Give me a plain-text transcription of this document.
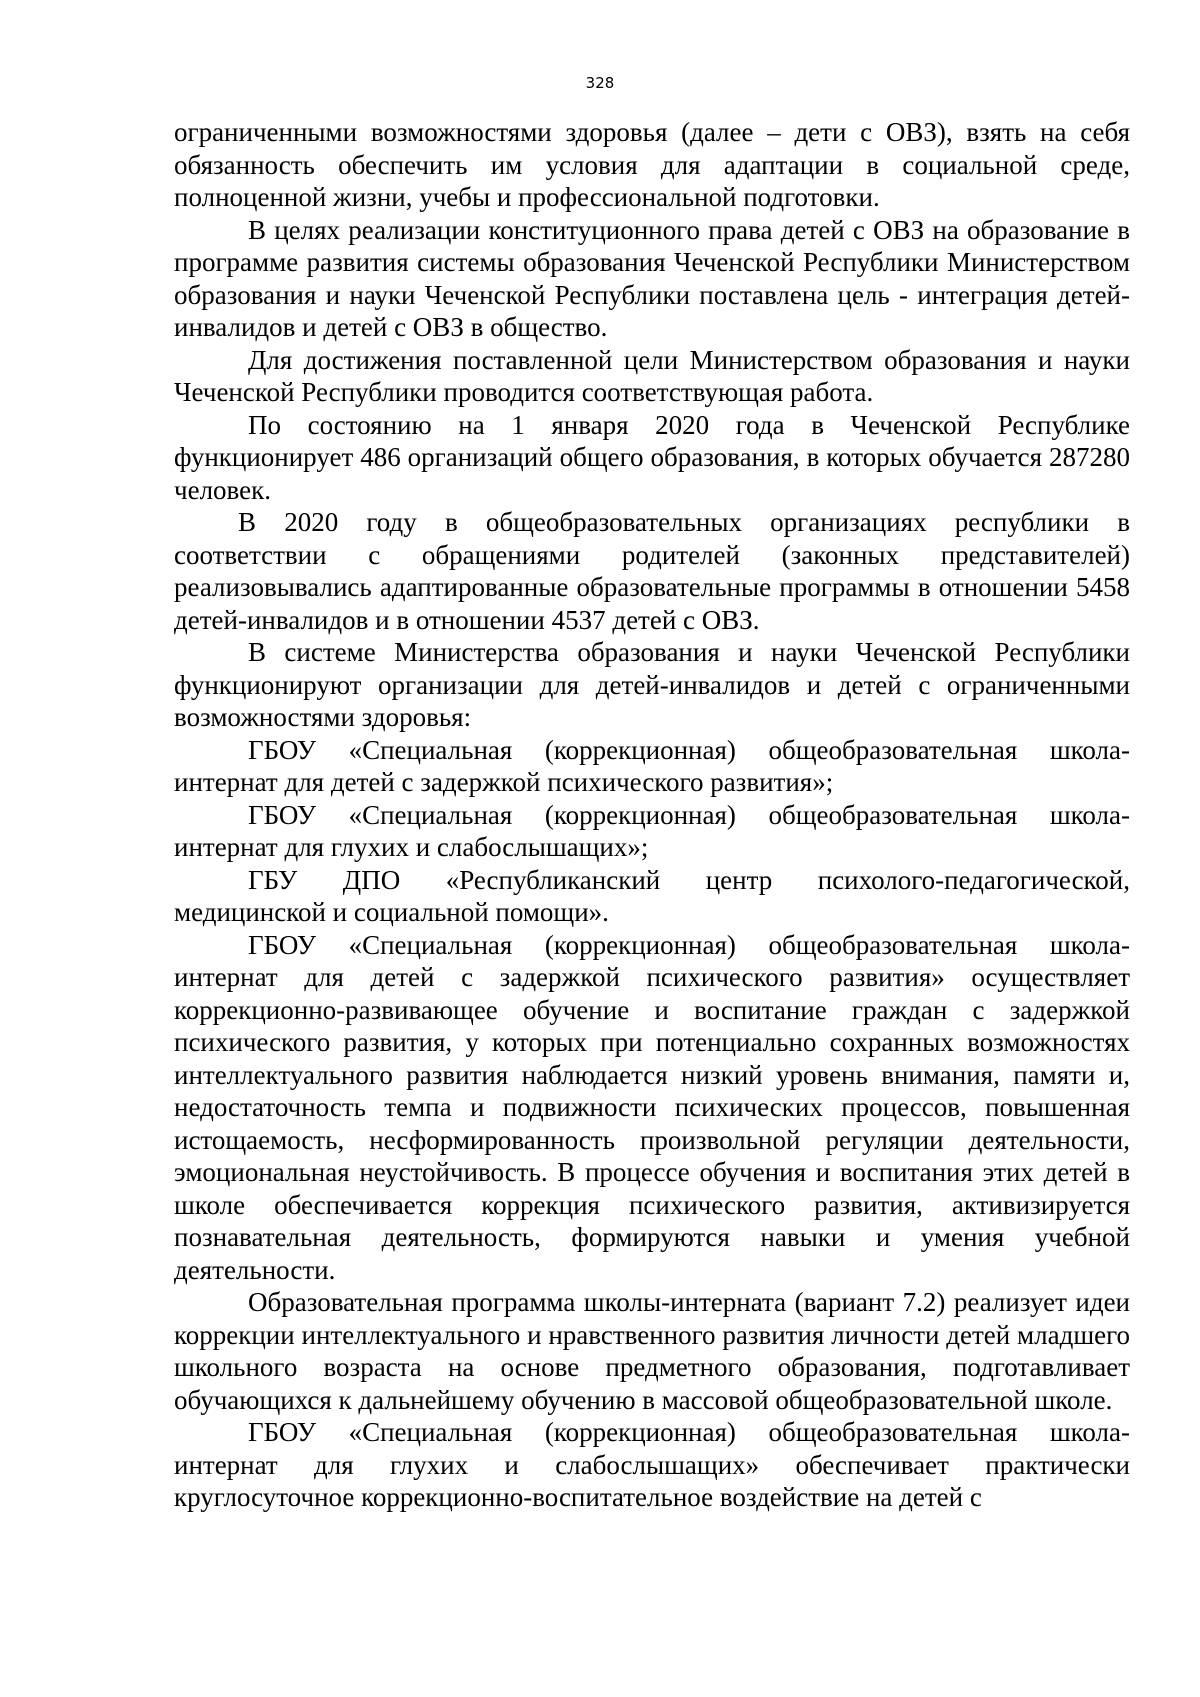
328

ограниченными возможностями здоровья (далее – дети с ОВЗ), взять на себя обязанность обеспечить им условия для адаптации в социальной среде, полноценной жизни, учебы и профессиональной подготовки.

В целях реализации конституционного права детей с ОВЗ на образование в программе развития системы образования Чеченской Республики Министерством образования и науки Чеченской Республики поставлена цель - интеграция детей-инвалидов и детей с ОВЗ в общество.

Для достижения поставленной цели Министерством образования и науки Чеченской Республики проводится соответствующая работа.

По состоянию на 1 января 2020 года в Чеченской Республике функционирует 486 организаций общего образования, в которых обучается 287280 человек.

В 2020 году в общеобразовательных организациях республики в соответствии с обращениями родителей (законных представителей) реализовывались адаптированные образовательные программы в отношении 5458 детей-инвалидов и в отношении 4537 детей с ОВЗ.

В системе Министерства образования и науки Чеченской Республики функционируют организации для детей-инвалидов и детей с ограниченными возможностями здоровья:

ГБОУ «Специальная (коррекционная) общеобразовательная школа-интернат для детей с задержкой психического развития»;

ГБОУ «Специальная (коррекционная) общеобразовательная школа-интернат для глухих и слабослышащих»;

ГБУ ДПО «Республиканский центр психолого-педагогической, медицинской и социальной помощи».

ГБОУ «Специальная (коррекционная) общеобразовательная школа-интернат для детей с задержкой психического развития» осуществляет коррекционно-развивающее обучение и воспитание граждан с задержкой психического развития, у которых при потенциально сохранных возможностях интеллектуального развития наблюдается низкий уровень внимания, памяти и, недостаточность темпа и подвижности психических процессов, повышенная истощаемость, несформированность произвольной регуляции деятельности, эмоциональная неустойчивость. В процессе обучения и воспитания этих детей в школе обеспечивается коррекция психического развития, активизируется познавательная деятельность, формируются навыки и умения учебной деятельности.

Образовательная программа школы-интерната (вариант 7.2) реализует идеи коррекции интеллектуального и нравственного развития личности детей младшего школьного возраста на основе предметного образования, подготавливает обучающихся к дальнейшему обучению в массовой общеобразовательной школе.

ГБОУ «Специальная (коррекционная) общеобразовательная школа-интернат для глухих и слабослышащих» обеспечивает практически круглосуточное коррекционно-воспитательное воздействие на детей с
